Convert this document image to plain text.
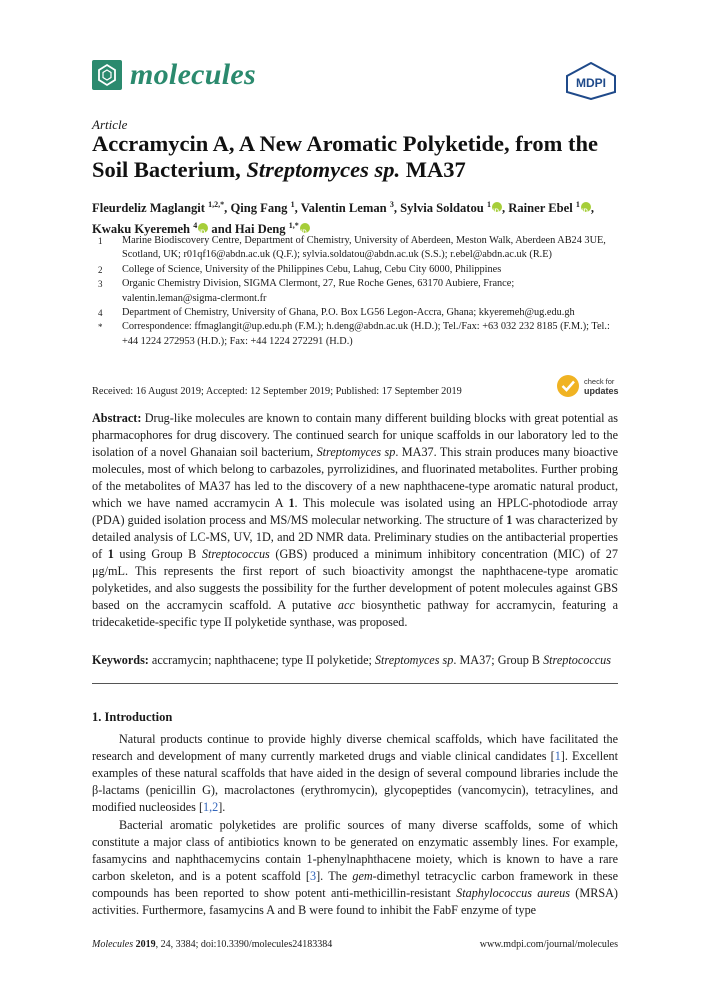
molecules	MDPI
Article
Accramycin A, A New Aromatic Polyketide, from the
Soil Bacterium, Streptomyces sp. MA37
Fleurdeliz Maglangit $^{1,2,*}$, Qing Fang $^1$, Valentin Leman $^3$, Sylvia Soldatou $^1$ iD , Rainer Ebel $^1$ iD , Kwaku Kyeremeh $^4$ iD and Hai Deng $^{1,*}$iD
1	Marine Biodiscovery Centre, Department of Chemistry, University of Aberdeen, Meston Walk, Aberdeen AB24 3UE, Scotland, UK; r01qf16@abdn.ac.uk (Q.F.); sylvia.soldatou@abdn.ac.uk (S.S.); r.ebel@abdn.ac.uk (R.E)
2	College of Science, University of the Philippines Cebu, Lahug, Cebu City 6000, Philippines
3	Organic Chemistry Division, SIGMA Clermont, 27, Rue Roche Genes, 63170 Aubiere, France; valentin.leman@sigma-clermont.fr
4	Department of Chemistry, University of Ghana, P.O. Box LG56 Legon-Accra, Ghana; kkyeremeh@ug.edu.gh
*	Correspondence: ffmaglangit@up.edu.ph (F.M.); h.deng@abdn.ac.uk (H.D.); Tel./Fax: +63 032 232 8185 (F.M.); Tel.: +44 1224 272953 (H.D.); Fax: +44 1224 272291 (H.D.)
Received: 16 August 2019; Accepted: 12 September 2019; Published: 17 September 2019
check for
updates
Abstract: Drug-like molecules are known to contain many different building blocks with great potential as pharmacophores for drug discovery. The continued search for unique scaffolds in our laboratory led to the isolation of a novel Ghanaian soil bacterium, Streptomyces sp. MA37. This strain produces many bioactive molecules, most of which belong to carbazoles, pyrrolizidines, and fluorinated metabolites. Further probing of the metabolites of MA37 has led to the discovery of a new naphthacene-type aromatic natural product, which we have named accramycin A 1. This molecule was isolated using an HPLC-photodiode array (PDA) guided isolation process and MS/MS molecular networking. The structure of 1 was characterized by detailed analysis of LC-MS, UV, 1D, and 2D NMR data. Preliminary studies on the antibacterial properties of 1 using Group B Streptococcus (GBS) produced a minimum inhibitory concentration (MIC) of 27 μg/mL. This represents the first report of such bioactivity amongst the naphthacene-type aromatic polyketides, and also suggests the possibility for the further development of potent molecules against GBS based on the accramycin scaffold. A putative acc biosynthetic pathway for accramycin, featuring a tridecaketide-specific type II polyketide synthase, was proposed.
Keywords: accramycin; naphthacene; type II polyketide; Streptomyces sp. MA37; Group B Streptococcus
1. Introduction

Natural products continue to provide highly diverse chemical scaffolds, which have facilitated the research and development of many currently marketed drugs and viable clinical candidates [1]. Excellent examples of these natural scaffolds that have aided in the design of several compound libraries include the β-lactams (penicillin G), macrolactones (erythromycin), glycopeptides (vancomycin), tetracylines, and modified nucleosides [1,2].

Bacterial aromatic polyketides are prolific sources of many diverse scaffolds, some of which constitute a major class of antibiotics known to be generated on enzymatic assembly lines. For example, fasamycins and naphthacemycins contain 1-phenylnaphthacene moiety, which is known to have a rare carbon skeleton, and is a potent scaffold [3]. The gem-dimethyl tetracyclic carbon framework in these compounds has been reported to show potent anti-methicillin-resistant Staphylococcus aureus (MRSA) activities. Furthermore, fasamycins A and B were found to inhibit the FabF enzyme of type

Molecules 2019, 24, 3384; doi:10.3390/molecules24183384	www.mdpi.com/journal/molecules
